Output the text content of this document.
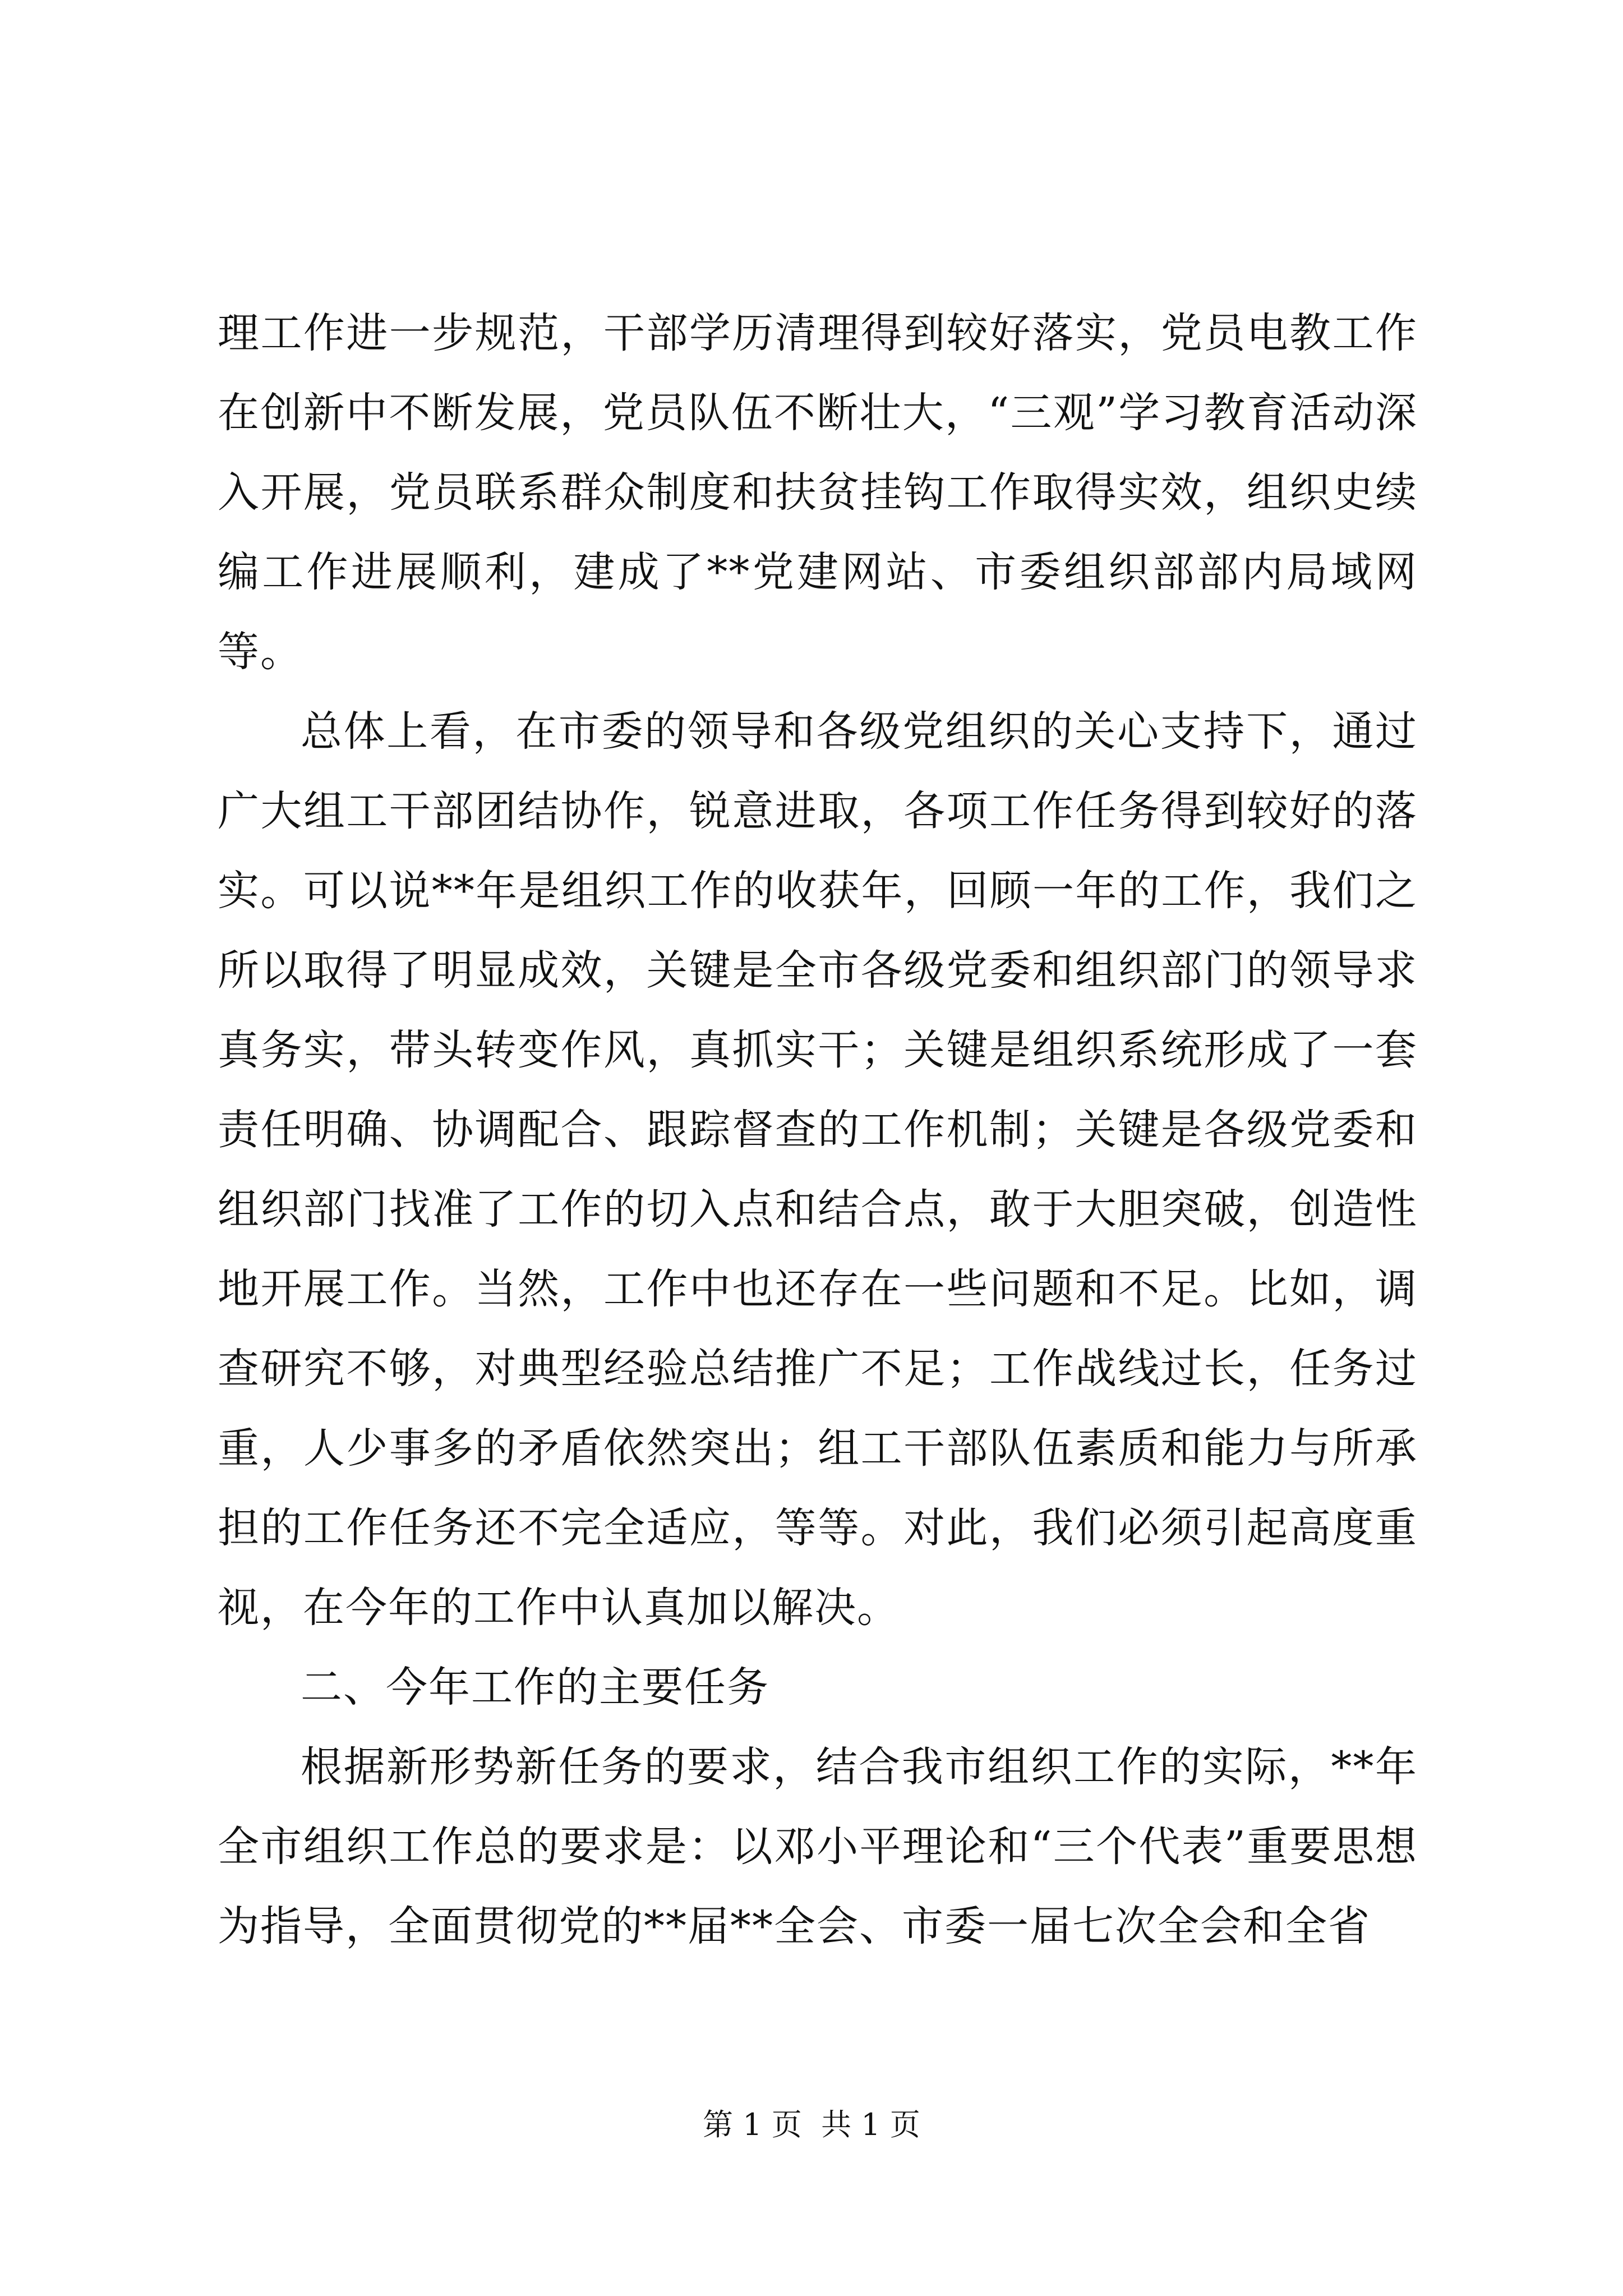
理工作进一步规范，干部学历清理得到较好落实，党员电教工作在创新中不断发展，党员队伍不断壮大，“三观”学习教育活动深入开展，党员联系群众制度和扶贫挂钩工作取得实效，组织史续编工作进展顺利，建成了**党建网站、市委组织部部内局域网等。

总体上看，在市委的领导和各级党组织的关心支持下，通过广大组工干部团结协作，锐意进取，各项工作任务得到较好的落实。可以说**年是组织工作的收获年，回顾一年的工作，我们之所以取得了明显成效，关键是全市各级党委和组织部门的领导求真务实，带头转变作风，真抓实干；关键是组织系统形成了一套责任明确、协调配合、跟踪督查的工作机制；关键是各级党委和组织部门找准了工作的切入点和结合点，敢于大胆突破，创造性地开展工作。当然，工作中也还存在一些问题和不足。比如，调查研究不够，对典型经验总结推广不足；工作战线过长，任务过重，人少事多的矛盾依然突出；组工干部队伍素质和能力与所承担的工作任务还不完全适应，等等。对此，我们必须引起高度重视，在今年的工作中认真加以解决。

二、今年工作的主要任务

根据新形势新任务的要求，结合我市组织工作的实际，**年全市组织工作总的要求是：以邓小平理论和“三个代表”重要思想为指导，全面贯彻党的**届**全会、市委一届七次全会和全省

第 1 页  共 1 页
